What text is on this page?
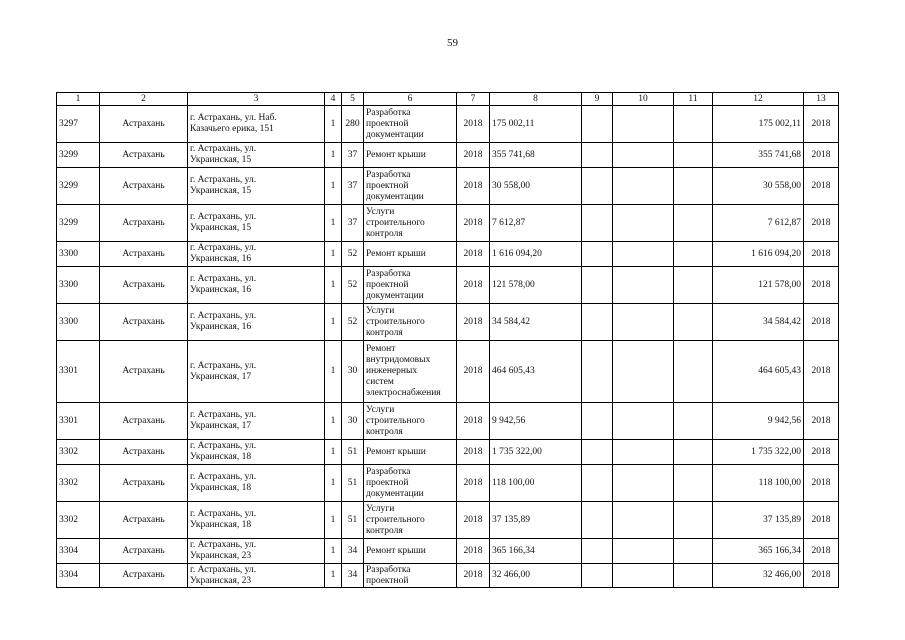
59
1	2	3	4	5	6	7	8	9	10	11	12	13
3297	Астрахань	г. Астрахань, ул. Наб.
Казачьего ерика, 151	1	280	Разработка
проектной
документации	2018	175 002,11				175 002,11	2018
3299	Астрахань	г. Астрахань, ул.
Украинская, 15	1	37	Ремонт крыши	2018	355 741,68				355 741,68	2018
3299	Астрахань	г. Астрахань, ул.
Украинская, 15	1	37	Разработка
проектной
документации	2018	30 558,00				30 558,00	2018
3299	Астрахань	г. Астрахань, ул.
Украинская, 15	1	37	Услуги
строительного
контроля	2018	7 612,87				7 612,87	2018
3300	Астрахань	г. Астрахань, ул.
Украинская, 16	1	52	Ремонт крыши	2018	1 616 094,20				1 616 094,20	2018
3300	Астрахань	г. Астрахань, ул.
Украинская, 16	1	52	Разработка
проектной
документации	2018	121 578,00				121 578,00	2018
3300	Астрахань	г. Астрахань, ул.
Украинская, 16	1	52	Услуги
строительного
контроля	2018	34 584,42				34 584,42	2018
3301	Астрахань	г. Астрахань, ул.
Украинская, 17	1	30	Ремонт
внутридомовых
инженерных
систем
электроснабжения	2018	464 605,43				464 605,43	2018
3301	Астрахань	г. Астрахань, ул.
Украинская, 17	1	30	Услуги
строительного
контроля	2018	9 942,56				9 942,56	2018
3302	Астрахань	г. Астрахань, ул.
Украинская, 18	1	51	Ремонт крыши	2018	1 735 322,00				1 735 322,00	2018
3302	Астрахань	г. Астрахань, ул.
Украинская, 18	1	51	Разработка
проектной
документации	2018	118 100,00				118 100,00	2018
3302	Астрахань	г. Астрахань, ул.
Украинская, 18	1	51	Услуги
строительного
контроля	2018	37 135,89				37 135,89	2018
3304	Астрахань	г. Астрахань, ул.
Украинская, 23	1	34	Ремонт крыши	2018	365 166,34				365 166,34	2018
3304	Астрахань	г. Астрахань, ул.
Украинская, 23	1	34	Разработка
проектной	2018	32 466,00				32 466,00	2018
